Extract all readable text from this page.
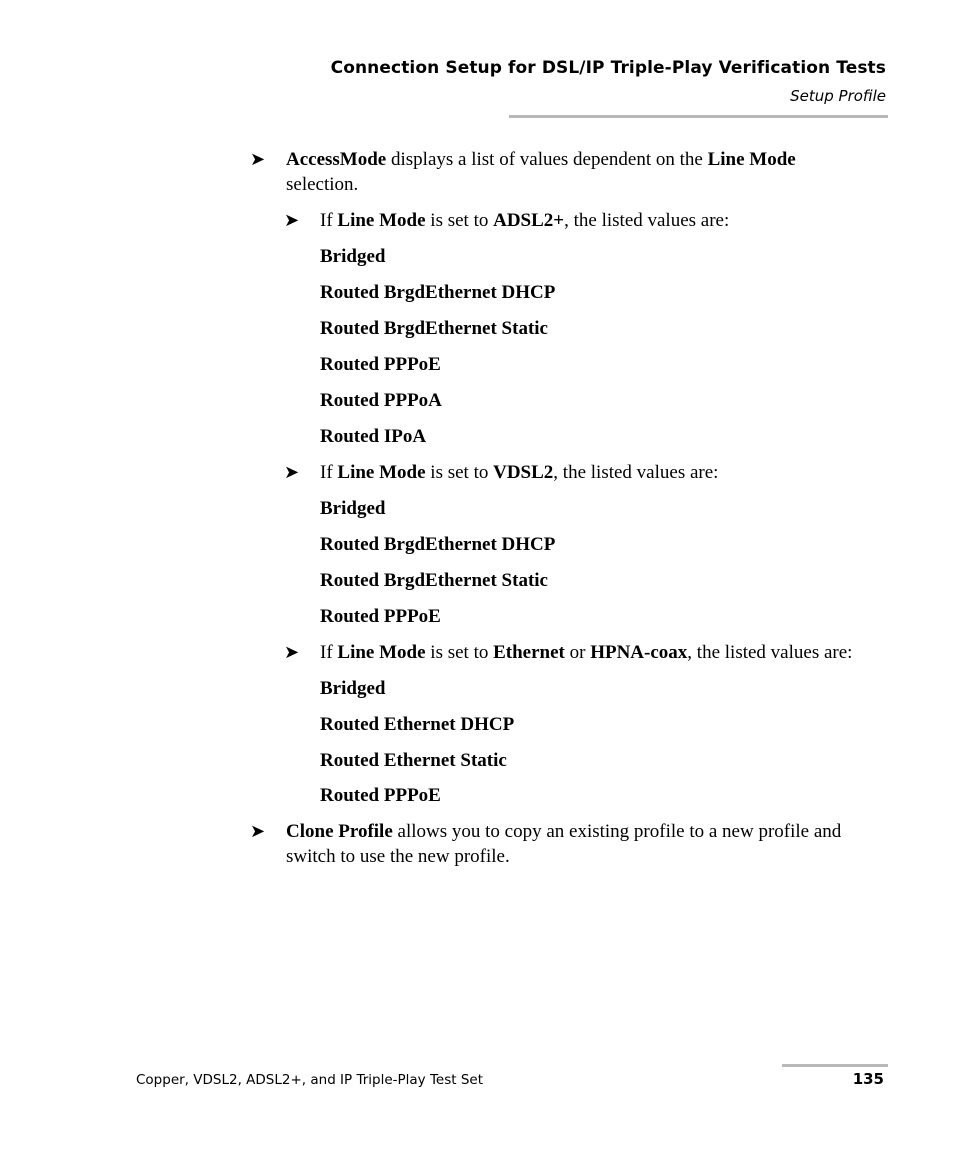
Connection Setup for DSL/IP Triple-Play Verification Tests
Setup Profile
➤	AccessMode displays a list of values dependent on the Line Mode selection.
➤	If Line Mode is set to ADSL2+, the listed values are:
Bridged
Routed BrgdEthernet DHCP
Routed BrgdEthernet Static
Routed PPPoE
Routed PPPoA
Routed IPoA
➤	If Line Mode is set to VDSL2, the listed values are:
Bridged
Routed BrgdEthernet DHCP
Routed BrgdEthernet Static
Routed PPPoE
➤	If Line Mode is set to Ethernet or HPNA-coax, the listed values are:
Bridged
Routed Ethernet DHCP
Routed Ethernet Static
Routed PPPoE
➤	Clone Profile allows you to copy an existing profile to a new profile and switch to use the new profile.
Copper, VDSL2, ADSL2+, and IP Triple-Play Test Set	135
